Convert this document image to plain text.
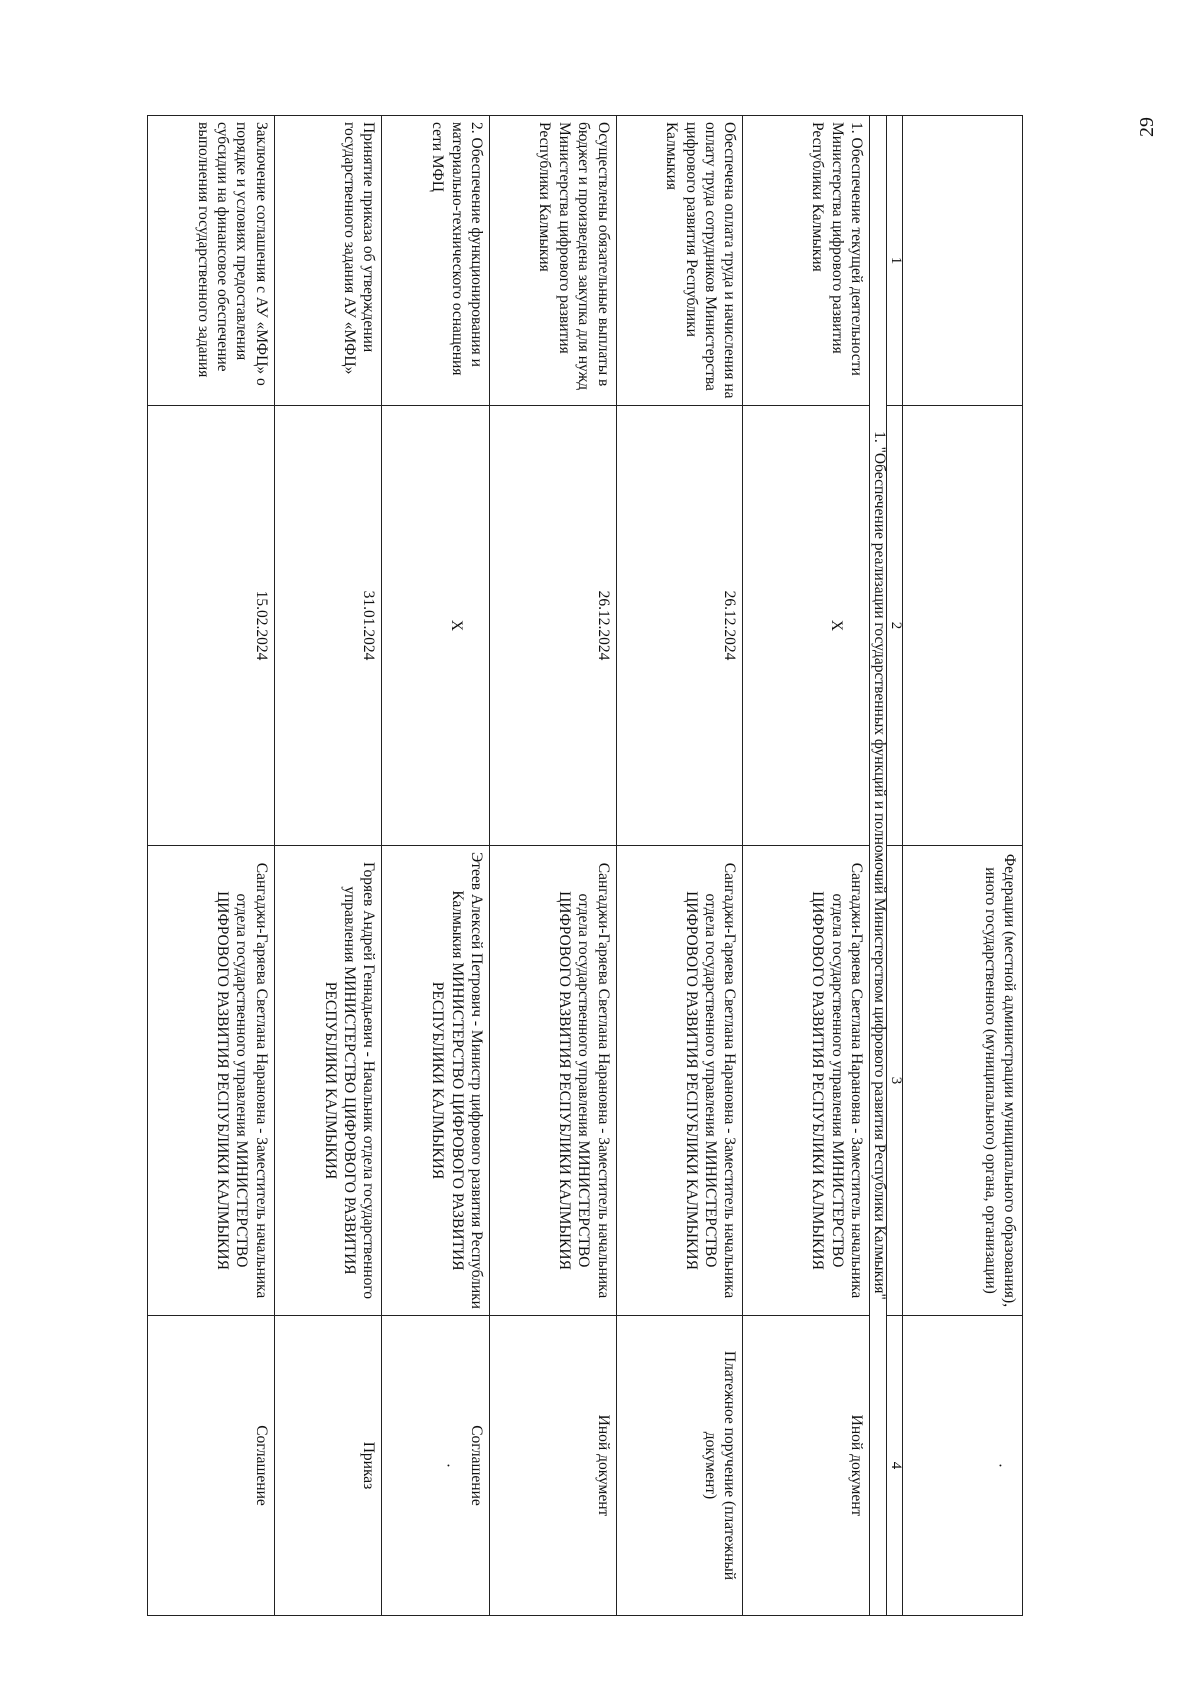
29
		Федерации (местной администрации муниципального образования), иного государственного (муниципального) органа, организации)	·

1	2	3	4
1. "Обеспечение реализации государственных функций и полномочий Министерством цифрового развития Республики Калмыкия"			
1. Обеспечение текущей деятельности Министерства цифрового развития Республики Калмыкия	X	Сангаджи-Гаряева Светлана Нарановна - Заместитель начальника отдела государственного управления МИНИСТЕРСТВО ЦИФРОВОГО РАЗВИТИЯ РЕСПУБЛИКИ КАЛМЫКИЯ	Иной документ
Обеспечена оплата труда и начисления на оплату труда сотрудников Министерства цифрового развития Республики Калмыкия	26.12.2024	Сангаджи-Гаряева Светлана Нарановна - Заместитель начальника отдела государственного управления МИНИСТЕРСТВО ЦИФРОВОГО РАЗВИТИЯ РЕСПУБЛИКИ КАЛМЫКИЯ	Платежное поручение (платежный документ)
Осуществлены обязательные выплаты в бюджет и произведена закупка для нужд Министерства цифрового развития Республики Калмыкия	26.12.2024	Сангаджи-Гаряева Светлана Нарановна - Заместитель начальника отдела государственного управления МИНИСТЕРСТВО ЦИФРОВОГО РАЗВИТИЯ РЕСПУБЛИКИ КАЛМЫКИЯ	Иной документ
2. Обеспечение функционирования и материально-технического оснащения сети МФЦ	X	Этеев Алексей Петрович - Министр цифрового развития Республики Калмыкия МИНИСТЕРСТВО ЦИФРОВОГО РАЗВИТИЯ РЕСПУБЛИКИ КАЛМЫКИЯ	Соглашение
·

Принятие приказа об утверждении государственного задания АУ «МФЦ»	31.01.2024	Горяев Андрей Геннадьевич - Начальник отдела государственного управления МИНИСТЕРСТВО ЦИФРОВОГО РАЗВИТИЯ РЕСПУБЛИКИ КАЛМЫКИЯ	Приказ
Заключение соглашения с АУ «МФЦ» о порядке и условиях предоставления субсидии на финансовое обеспечение выполнения государственного задания	15.02.2024	Сангаджи-Гаряева Светлана Нарановна - Заместитель начальника отдела государственного управления МИНИСТЕРСТВО ЦИФРОВОГО РАЗВИТИЯ РЕСПУБЛИКИ КАЛМЫКИЯ	Соглашение
